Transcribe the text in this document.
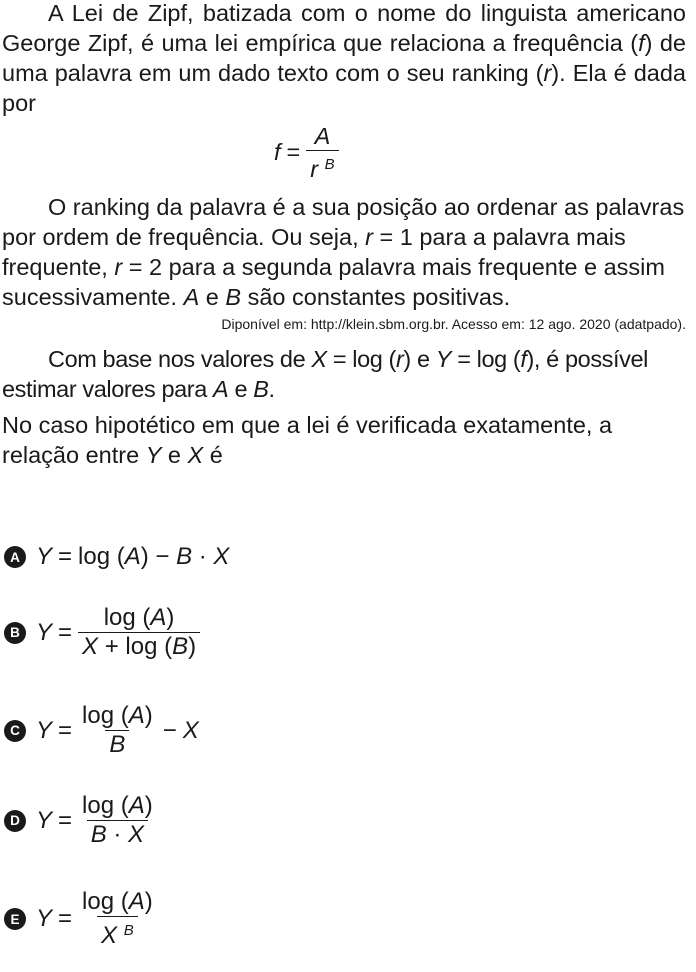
A Lei de Zipf, batizada com o nome do linguista americano George Zipf, é uma lei empírica que relaciona a frequência (f) de uma palavra em um dado texto com o seu ranking (r). Ela é dada por

$f = \frac{A}{r ^B}$

O ranking da palavra é a sua posição ao ordenar as palavras por ordem de frequência. Ou seja, r = 1 para a palavra mais frequente, r = 2 para a segunda palavra mais frequente e assim sucessivamente. A e B são constantes positivas.

Diponível em: http://klein.sbm.org.br. Acesso em: 12 ago. 2020 (adatpado).

Com base nos valores de X = log (r) e Y = log (f), é possível estimar valores para A e B.

No caso hipotético em que a lei é verificada exatamente, a relação entre Y e X é

A Y = log ( A ) − B · X
B $Y = \frac{\log (A)}{X + \log (B)}$
C $Y = \frac{\log (A)}{B} - X$
D $Y = \frac{\log (A)}{B \cdot X}$
E $Y = \frac{\log (A)}{X ^B}$
